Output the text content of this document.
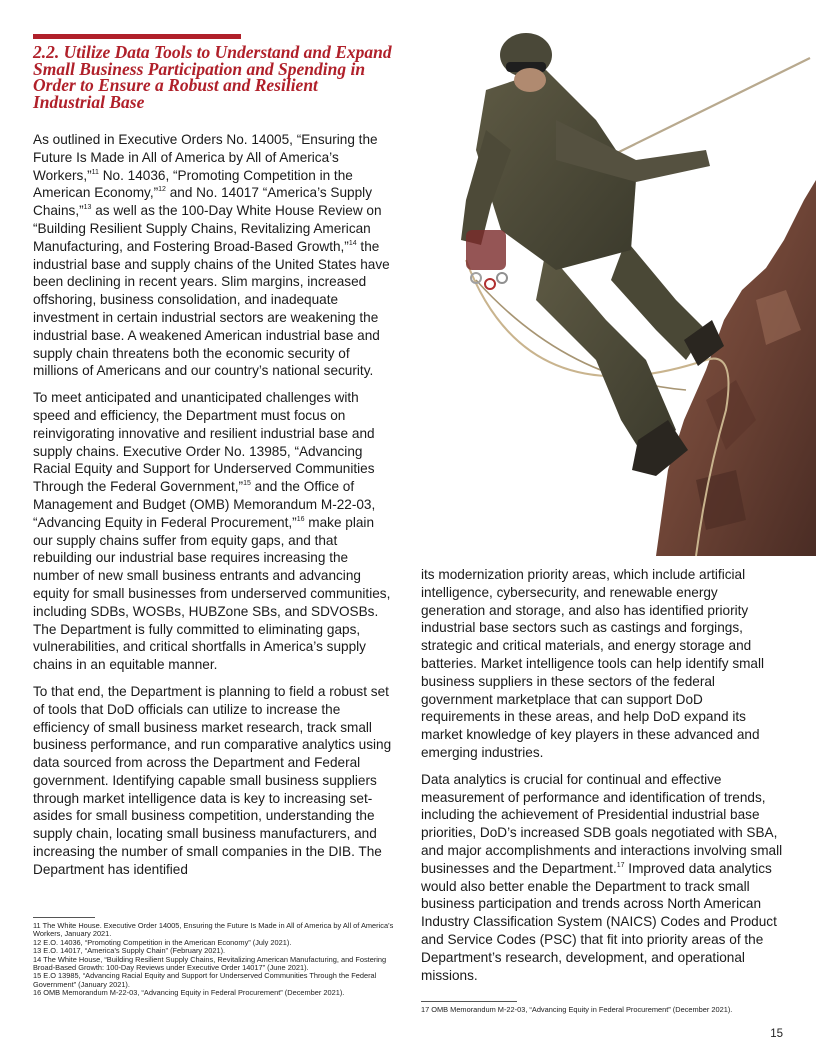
2.2. Utilize Data Tools to Understand and Expand Small Business Participation and Spending in Order to Ensure a Robust and Resilient Industrial Base

As outlined in Executive Orders No. 14005, “Ensuring the Future Is Made in All of America by All of America’s Workers,”$^{11}$ No. 14036, “Promoting Competition in the American Economy,”$^{12}$ and No. 14017 “America’s Supply Chains,”$^{13}$ as well as the 100-Day White House Review on “Building Resilient Supply Chains, Revitalizing American Manufacturing, and Fostering Broad-Based Growth,”$^{14}$ the industrial base and supply chains of the United States have been declining in recent years. Slim margins, increased offshoring, business consolidation, and inadequate investment in certain industrial sectors are weakening the industrial base. A weakened American industrial base and supply chain threatens both the economic security of millions of Americans and our country’s national security.

To meet anticipated and unanticipated challenges with speed and efficiency, the Department must focus on reinvigorating innovative and resilient industrial base and supply chains. Executive Order No. 13985, “Advancing Racial Equity and Support for Underserved Communities Through the Federal Government,”$^{15}$ and the Office of Management and Budget (OMB) Memorandum M-22-03, “Advancing Equity in Federal Procurement,”$^{16}$ make plain our supply chains suffer from equity gaps, and that rebuilding our industrial base requires increasing the number of new small business entrants and advancing equity for small businesses from underserved communities, including SDBs, WOSBs, HUBZone SBs, and SDVOSBs. The Department is fully committed to eliminating gaps, vulnerabilities, and critical shortfalls in America’s supply chains in an equitable manner.

To that end, the Department is planning to field a robust set of tools that DoD officials can utilize to increase the efficiency of small business market research, track small business performance, and run comparative analytics using data sourced from across the Department and Federal government. Identifying capable small business suppliers through market intelligence data is key to increasing set-asides for small business competition, understanding the supply chain, locating small business manufacturers, and increasing the number of small companies in the DIB. The Department has identified

its modernization priority areas, which include artificial intelligence, cybersecurity, and renewable energy generation and storage, and also has identified priority industrial base sectors such as castings and forgings, strategic and critical materials, and energy storage and batteries. Market intelligence tools can help identify small business suppliers in these sectors of the federal government marketplace that can support DoD requirements in these areas, and help DoD expand its market knowledge of key players in these advanced and emerging industries.

Data analytics is crucial for continual and effective measurement of performance and identification of trends, including the achievement of Presidential industrial base priorities, DoD’s increased SDB goals negotiated with SBA, and major accomplishments and interactions involving small businesses and the Department.$^{17}$ Improved data analytics would also better enable the Department to track small business participation and trends across North American Industry Classification System (NAICS) Codes and Product and Service Codes (PSC) that fit into priority areas of the Department’s research, development, and operational missions.

11 The White House. Executive Order 14005, Ensuring the Future Is Made in All of America by All of America’s Workers, January 2021.
12 E.O. 14036, “Promoting Competition in the American Economy” (July 2021).
13 E.O. 14017, “America’s Supply Chain” (February 2021).
14 The White House, “Building Resilient Supply Chains, Revitalizing American Manufacturing, and Fostering Broad-Based Growth: 100-Day Reviews under Executive Order 14017” (June 2021).
15 E.O 13985, “Advancing Racial Equity and Support for Underserved Communities Through the Federal Government” (January 2021).
16 OMB Memorandum M-22-03, “Advancing Equity in Federal Procurement” (December 2021).
17 OMB Memorandum M-22-03, “Advancing Equity in Federal Procurement” (December 2021).
15
